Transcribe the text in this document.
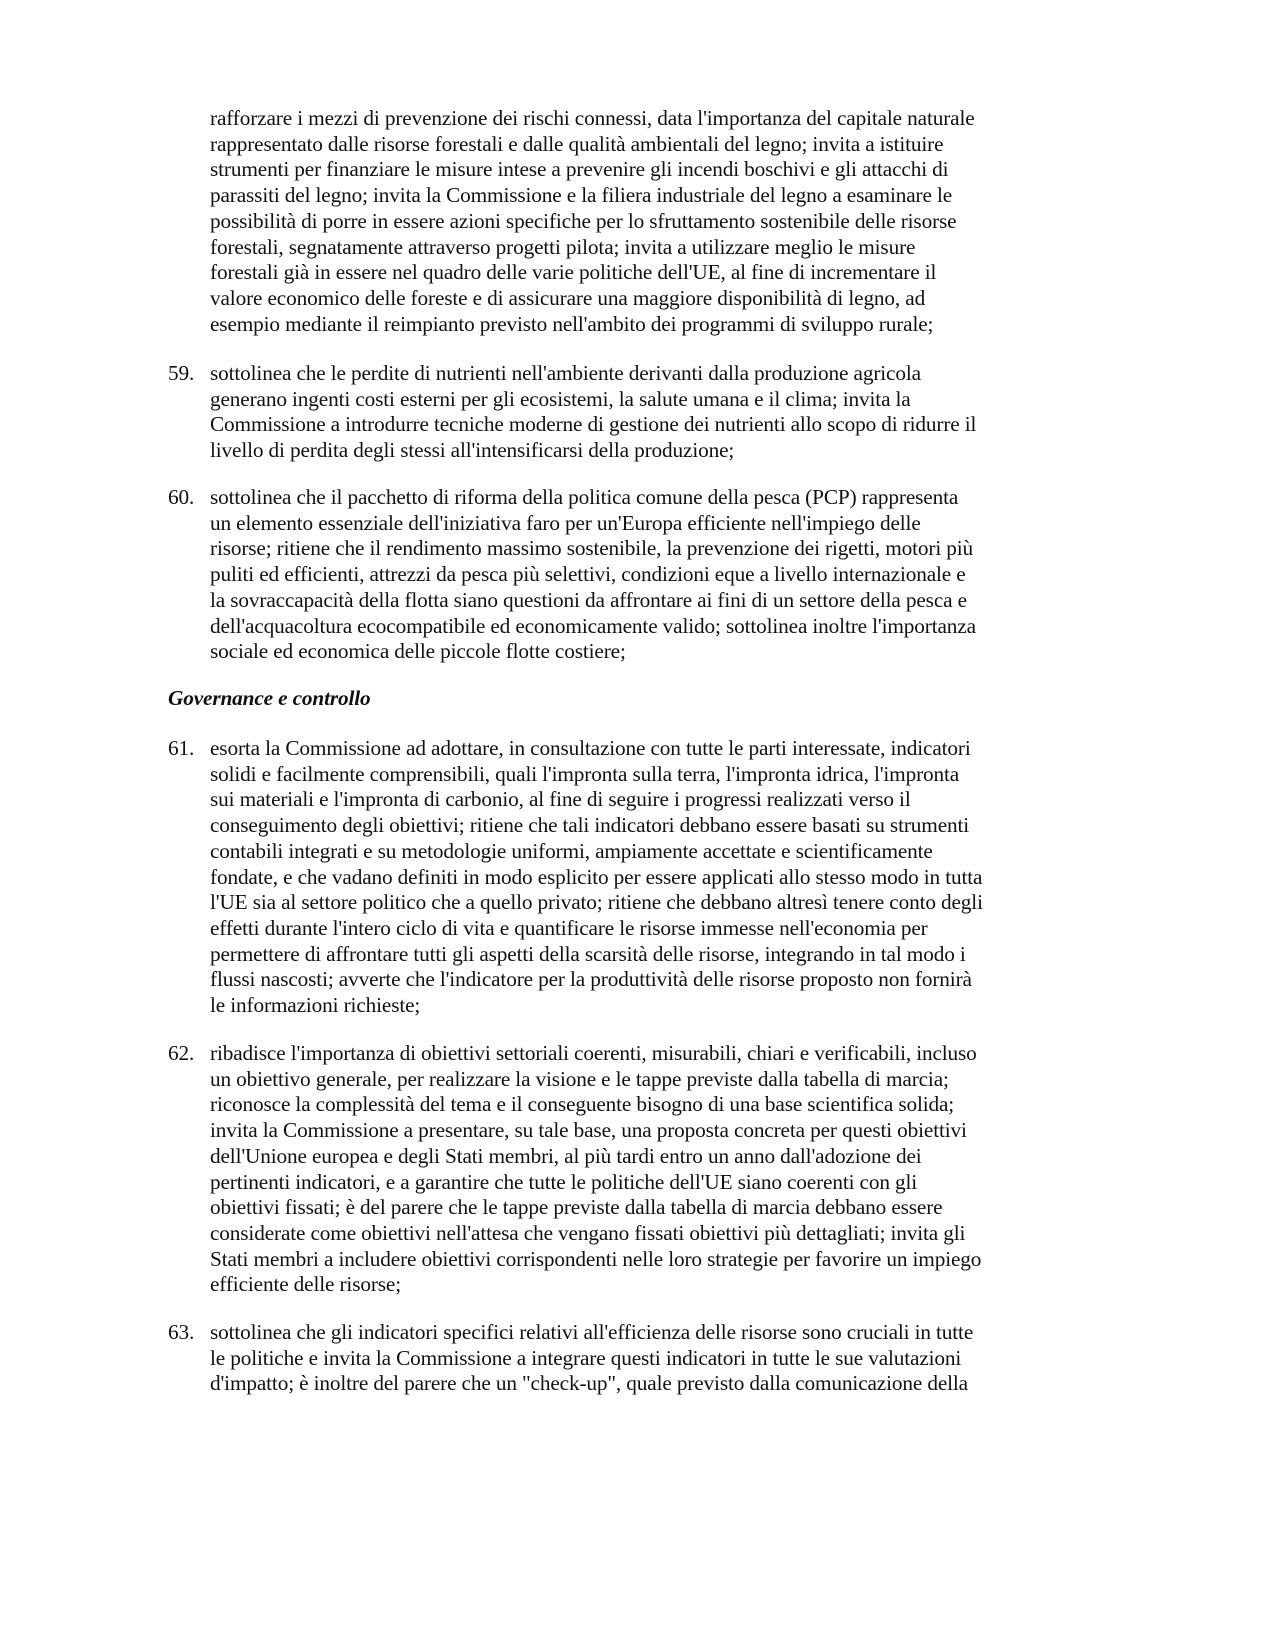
rafforzare i mezzi di prevenzione dei rischi connessi, data l'importanza del capitale naturale
rappresentato dalle risorse forestali e dalle qualità ambientali del legno; invita a istituire
strumenti per finanziare le misure intese a prevenire gli incendi boschivi e gli attacchi di
parassiti del legno; invita la Commissione e la filiera industriale del legno a esaminare le
possibilità di porre in essere azioni specifiche per lo sfruttamento sostenibile delle risorse
forestali, segnatamente attraverso progetti pilota; invita a utilizzare meglio le misure
forestali già in essere nel quadro delle varie politiche dell'UE, al fine di incrementare il
valore economico delle foreste e di assicurare una maggiore disponibilità di legno, ad
esempio mediante il reimpianto previsto nell'ambito dei programmi di sviluppo rurale;
59. sottolinea che le perdite di nutrienti nell'ambiente derivanti dalla produzione agricola
generano ingenti costi esterni per gli ecosistemi, la salute umana e il clima; invita la
Commissione a introdurre tecniche moderne di gestione dei nutrienti allo scopo di ridurre il
livello di perdita degli stessi all'intensificarsi della produzione;
60. sottolinea che il pacchetto di riforma della politica comune della pesca (PCP) rappresenta
un elemento essenziale dell'iniziativa faro per un'Europa efficiente nell'impiego delle
risorse; ritiene che il rendimento massimo sostenibile, la prevenzione dei rigetti, motori più
puliti ed efficienti, attrezzi da pesca più selettivi, condizioni eque a livello internazionale e
la sovraccapacità della flotta siano questioni da affrontare ai fini di un settore della pesca e
dell'acquacoltura ecocompatibile ed economicamente valido; sottolinea inoltre l'importanza
sociale ed economica delle piccole flotte costiere;
Governance e controllo
61. esorta la Commissione ad adottare, in consultazione con tutte le parti interessate, indicatori
solidi e facilmente comprensibili, quali l'impronta sulla terra, l'impronta idrica, l'impronta
sui materiali e l'impronta di carbonio, al fine di seguire i progressi realizzati verso il
conseguimento degli obiettivi; ritiene che tali indicatori debbano essere basati su strumenti
contabili integrati e su metodologie uniformi, ampiamente accettate e scientificamente
fondate, e che vadano definiti in modo esplicito per essere applicati allo stesso modo in tutta
l'UE sia al settore politico che a quello privato; ritiene che debbano altresì tenere conto degli
effetti durante l'intero ciclo di vita e quantificare le risorse immesse nell'economia per
permettere di affrontare tutti gli aspetti della scarsità delle risorse, integrando in tal modo i
flussi nascosti; avverte che l'indicatore per la produttività delle risorse proposto non fornirà
le informazioni richieste;
62. ribadisce l'importanza di obiettivi settoriali coerenti, misurabili, chiari e verificabili, incluso
un obiettivo generale, per realizzare la visione e le tappe previste dalla tabella di marcia;
riconosce la complessità del tema e il conseguente bisogno di una base scientifica solida;
invita la Commissione a presentare, su tale base, una proposta concreta per questi obiettivi
dell'Unione europea e degli Stati membri, al più tardi entro un anno dall'adozione dei
pertinenti indicatori, e a garantire che tutte le politiche dell'UE siano coerenti con gli
obiettivi fissati; è del parere che le tappe previste dalla tabella di marcia debbano essere
considerate come obiettivi nell'attesa che vengano fissati obiettivi più dettagliati; invita gli
Stati membri a includere obiettivi corrispondenti nelle loro strategie per favorire un impiego
efficiente delle risorse;
63. sottolinea che gli indicatori specifici relativi all'efficienza delle risorse sono cruciali in tutte
le politiche e invita la Commissione a integrare questi indicatori in tutte le sue valutazioni
d'impatto; è inoltre del parere che un "check-up", quale previsto dalla comunicazione della
